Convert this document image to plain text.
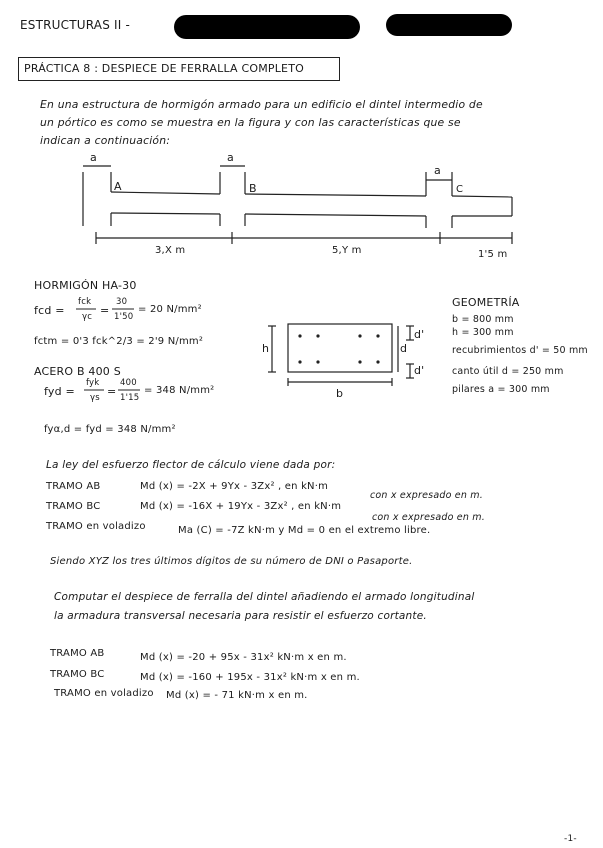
ESTRUCTURAS II -
PRÁCTICA 8 : DESPIECE DE FERRALLA COMPLETO
En una estructura de hormigón armado para un edificio el dintel intermedio de
un pórtico es como se muestra en la figura y con las características que se
indican a continuación:
a	a
a
A	B	C
3,X m	5,Y m	1'5 m
HORMIGÓN HA-30
fcd =
fck
γc =
30
1'50
= 20 N/mm²
fctm = 0'3 fck^2/3 = 2'9 N/mm²
ACERO B 400 S
fyd =
fyk
γs =
400
1'15
= 348 N/mm²
fyα,d = fyd = 348 N/mm²
h	d
d'
d'
b
GEOMETRÍA
b = 800 mm
h = 300 mm
recubrimientos d' = 50 mm
canto útil d = 250 mm
pilares a = 300 mm
La ley del esfuerzo flector de cálculo viene dada por:
TRAMO AB	Md (x) = -2X + 9Yx - 3Zx² , en kN·m
con x expresado en m.
TRAMO BC	Md (x) = -16X + 19Yx - 3Zx² , en kN·m
con x expresado en m.
TRAMO en voladizo	Ma (C) = -7Z kN·m y Md = 0 en el extremo libre.
Siendo XYZ los tres últimos dígitos de su número de DNI o Pasaporte.
Computar el despiece de ferralla del dintel añadiendo el armado longitudinal
la armadura transversal necesaria para resistir el esfuerzo cortante.
TRAMO AB	Md (x) = -20 + 95x - 31x² kN·m x en m.
TRAMO BC	Md (x) = -160 + 195x - 31x² kN·m x en m.
TRAMO en voladizo Md (x) = - 71 kN·m x en m.
-1-
